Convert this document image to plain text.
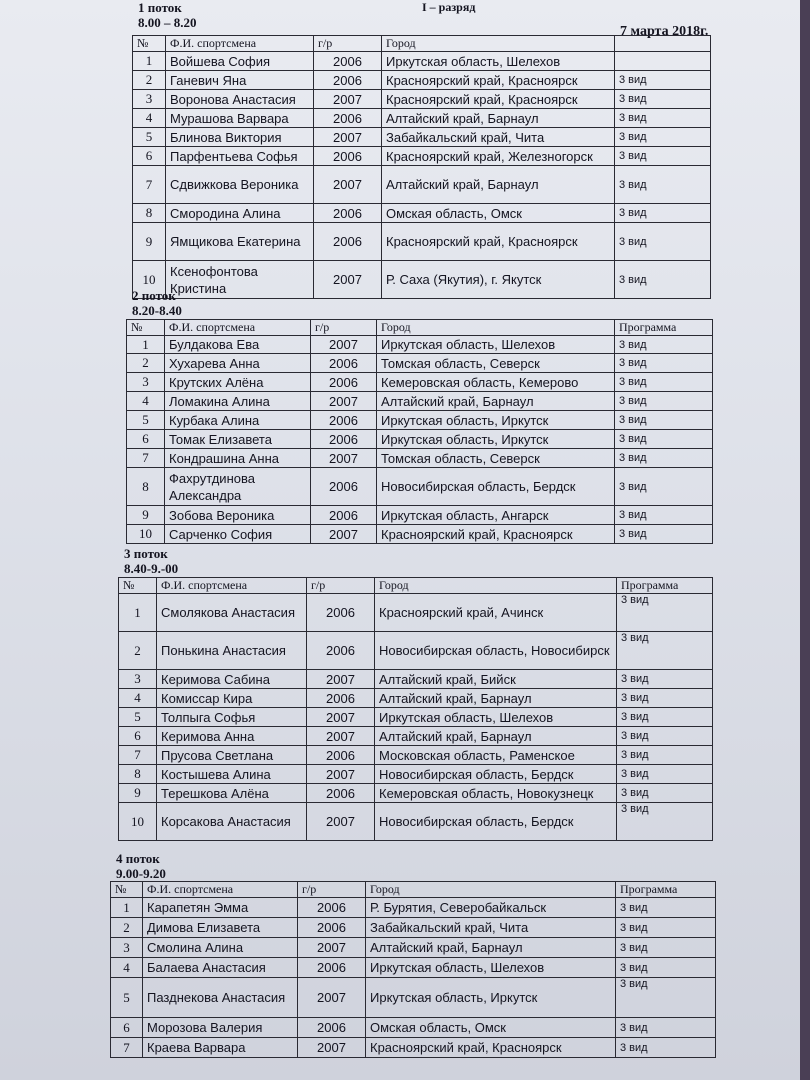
1 поток	I – разряд
8.00 – 8.20
7 марта 2018г.
№	Ф.И. спортсмена	г/р	Город	
1	Войшева София	2006	Иркутская область, Шелехов	
2	Ганевич Яна	2006	Красноярский край, Красноярск	3 вид
3	Воронова Анастасия	2007	Красноярский край, Красноярск	3 вид
4	Мурашова Варвара	2006	Алтайский край, Барнаул	3 вид
5	Блинова Виктория	2007	Забайкальский край, Чита	3 вид
6	Парфентьева Софья	2006	Красноярский край, Железногорск	3 вид
7	Сдвижкова Вероника	2007	Алтайский край, Барнаул	3 вид
8	Смородина Алина	2006	Омская область, Омск	3 вид
9	Ямщикова Екатерина	2006	Красноярский край, Красноярск	3 вид
10	Ксенофонтова Кристина	2007	Р. Саха (Якутия), г. Якутск	3 вид
2 поток
8.20-8.40
№	Ф.И. спортсмена	г/р	Город	Программа
1	Булдакова Ева	2007	Иркутская область, Шелехов	3 вид
2	Хухарева Анна	2006	Томская область, Северск	3 вид
3	Крутских Алёна	2006	Кемеровская область, Кемерово	3 вид
4	Ломакина Алина	2007	Алтайский край, Барнаул	3 вид
5	Курбака Алина	2006	Иркутская область, Иркутск	3 вид
6	Томак Елизавета	2006	Иркутская область, Иркутск	3 вид
7	Кондрашина Анна	2007	Томская область, Северск	3 вид
8	Фахрутдинова Александра	2006	Новосибирская область, Бердск	3 вид
9	Зобова Вероника	2006	Иркутская область, Ангарск	3 вид
10	Сарченко София	2007	Красноярский край, Красноярск	3 вид
3 поток
8.40-9.-00
№	Ф.И. спортсмена	г/р	Город	Программа
1	Смолякова Анастасия	2006	Красноярский край, Ачинск	3 вид
2	Понькина Анастасия	2006	Новосибирская область, Новосибирск	3 вид
3	Керимова Сабина	2007	Алтайский край, Бийск	3 вид
4	Комиссар Кира	2006	Алтайский край, Барнаул	3 вид
5	Толпыга Софья	2007	Иркутская область, Шелехов	3 вид
6	Керимова Анна	2007	Алтайский край, Барнаул	3 вид
7	Прусова Светлана	2006	Московская область, Раменское	3 вид
8	Костышева Алина	2007	Новосибирская область, Бердск	3 вид
9	Терешкова Алёна	2006	Кемеровская область, Новокузнецк	3 вид
10	Корсакова Анастасия	2007	Новосибирская область, Бердск	3 вид
4 поток
9.00-9.20
№	Ф.И. спортсмена	г/р	Город	Программа
1	Карапетян Эмма	2006	Р. Бурятия, Северобайкальск	3 вид
2	Димова Елизавета	2006	Забайкальский край, Чита	3 вид
3	Смолина Алина	2007	Алтайский край, Барнаул	3 вид
4	Балаева Анастасия	2006	Иркутская область, Шелехов	3 вид
5	Пазднекова Анастасия	2007	Иркутская область, Иркутск	3 вид
6	Морозова Валерия	2006	Омская область, Омск	3 вид
7	Краева Варвара	2007	Красноярский край, Красноярск	3 вид
